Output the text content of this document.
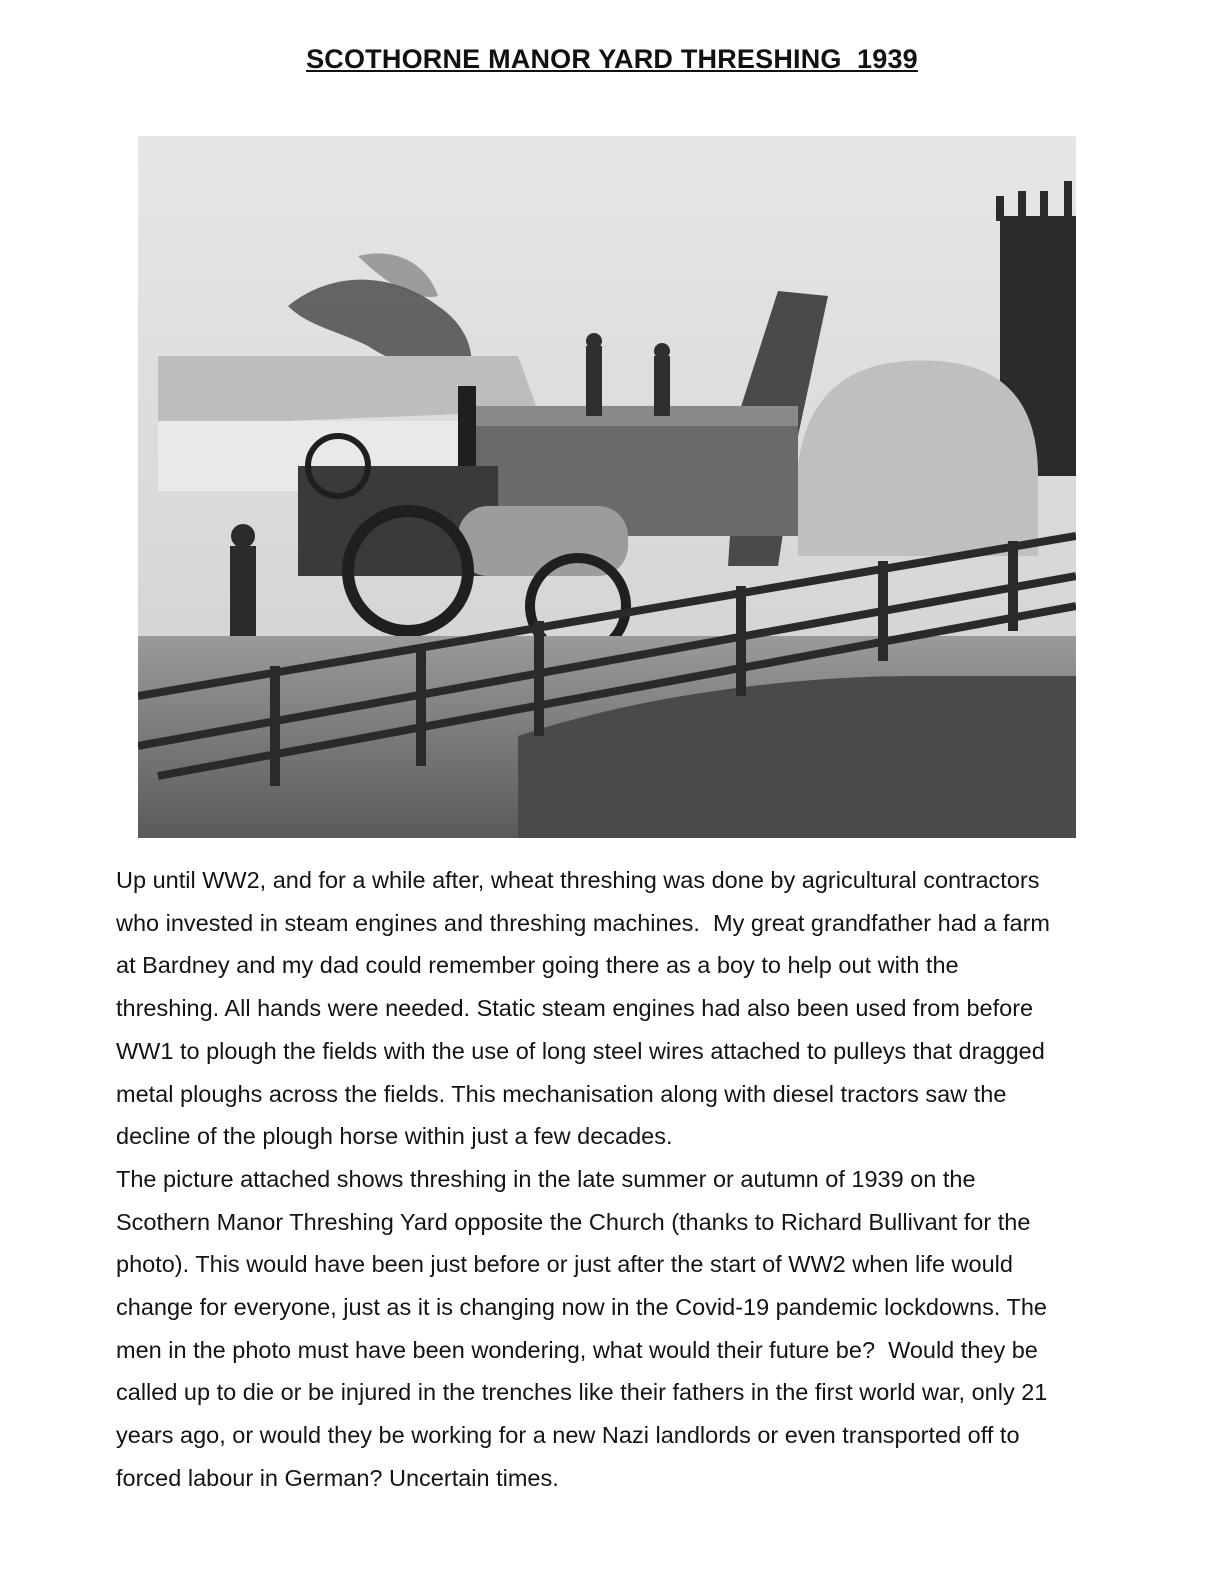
SCOTHORNE MANOR YARD THRESHING  1939

Up until WW2, and for a while after, wheat threshing was done by agricultural contractors
who invested in steam engines and threshing machines.  My great grandfather had a farm
at Bardney and my dad could remember going there as a boy to help out with the
threshing. All hands were needed. Static steam engines had also been used from before
WW1 to plough the fields with the use of long steel wires attached to pulleys that dragged
metal ploughs across the fields. This mechanisation along with diesel tractors saw the
decline of the plough horse within just a few decades.

The picture attached shows threshing in the late summer or autumn of 1939 on the
Scothern Manor Threshing Yard opposite the Church (thanks to Richard Bullivant for the
photo). This would have been just before or just after the start of WW2 when life would
change for everyone, just as it is changing now in the Covid-19 pandemic lockdowns. The
men in the photo must have been wondering, what would their future be?  Would they be
called up to die or be injured in the trenches like their fathers in the first world war, only 21
years ago, or would they be working for a new Nazi landlords or even transported off to
forced labour in German? Uncertain times.
